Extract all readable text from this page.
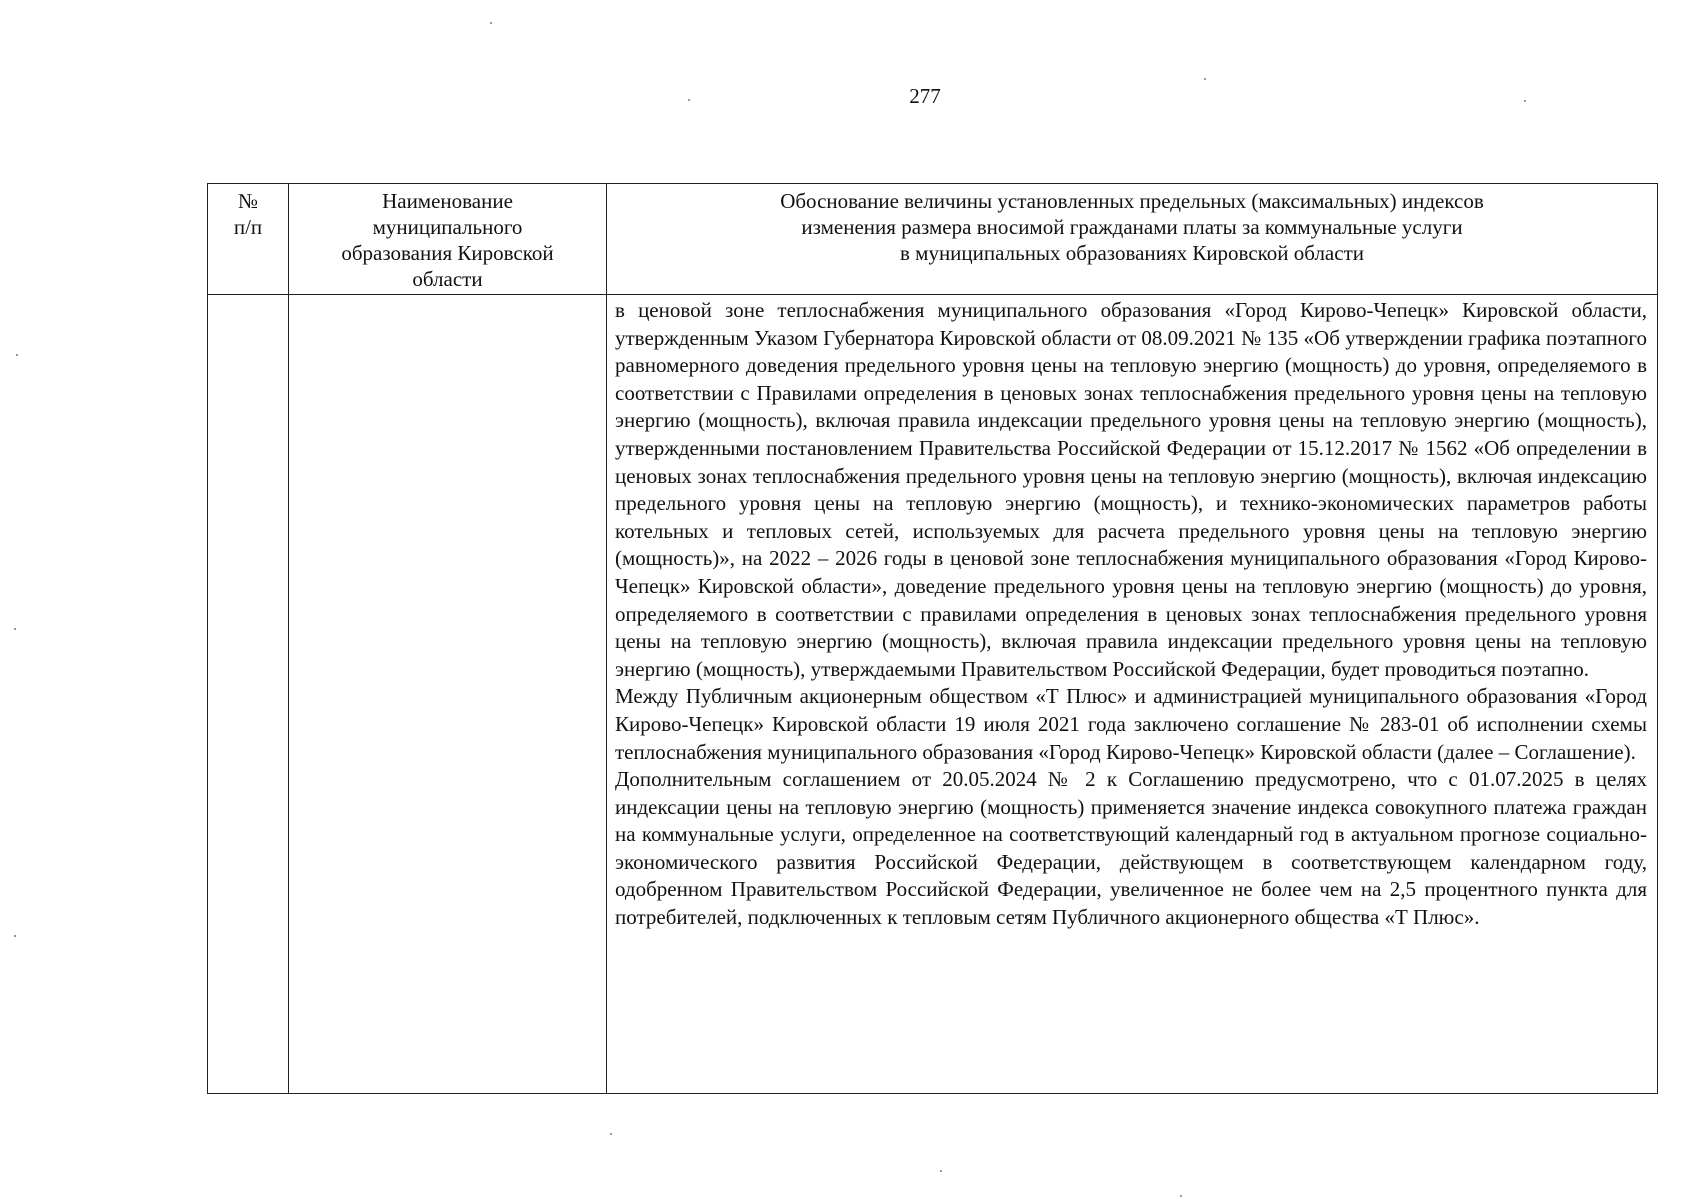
277
№
п/п	Наименование
муниципального
образования Кировской
области	Обоснование величины установленных предельных (максимальных) индексов
изменения размера вносимой гражданами платы за коммунальные услуги
в муниципальных образованиях Кировской области

		в ценовой зоне теплоснабжения муниципального образования «Город Кирово-Чепецк» Кировской области, утвержденным Указом Губернатора Кировской области от 08.09.2021 № 135 «Об утверждении графика поэтапного равномерного доведения предельного уровня цены на тепловую энергию (мощность) до уровня, определяемого в соответствии с Правилами определения в ценовых зонах теплоснабжения предельного уровня цены на тепловую энергию (мощность), включая правила индексации предельного уровня цены на тепловую энергию (мощность), утвержденными постановлением Правительства Российской Федерации от 15.12.2017 № 1562 «Об определении в ценовых зонах теплоснабжения предельного уровня цены на тепловую энергию (мощность), включая индексацию предельного уровня цены на тепловую энергию (мощность), и технико-экономических параметров работы котельных и тепловых сетей, используемых для расчета предельного уровня цены на тепловую энергию (мощность)», на 2022 – 2026 годы в ценовой зоне теплоснабжения муниципального образования «Город Кирово-Чепецк» Кировской области», доведение предельного уровня цены на тепловую энергию (мощность) до уровня, определяемого в соответствии с правилами определения в ценовых зонах теплоснабжения предельного уровня цены на тепловую энергию (мощность), включая правила индексации предельного уровня цены на тепловую энергию (мощность), утверждаемыми Правительством Российской Федерации, будет проводиться поэтапно.
Между Публичным акционерным обществом «Т Плюс» и администрацией муниципального образования «Город Кирово-Чепецк» Кировской области 19 июля 2021 года заключено соглашение № 283-01 об исполнении схемы теплоснабжения муниципального образования «Город Кирово-Чепецк» Кировской области (далее – Соглашение).
Дополнительным соглашением от 20.05.2024 № 2 к Соглашению предусмотрено, что с 01.07.2025 в целях индексации цены на тепловую энергию (мощность) применяется значение индекса совокупного платежа граждан на коммунальные услуги, определенное на соответствующий календарный год в актуальном прогнозе социально-экономического развития Российской Федерации, действующем в соответствующем календарном году, одобренном Правительством Российской Федерации, увеличенное не более чем на 2,5 процентного пункта для потребителей, подключенных к тепловым сетям Публичного акционерного общества «Т Плюс».
